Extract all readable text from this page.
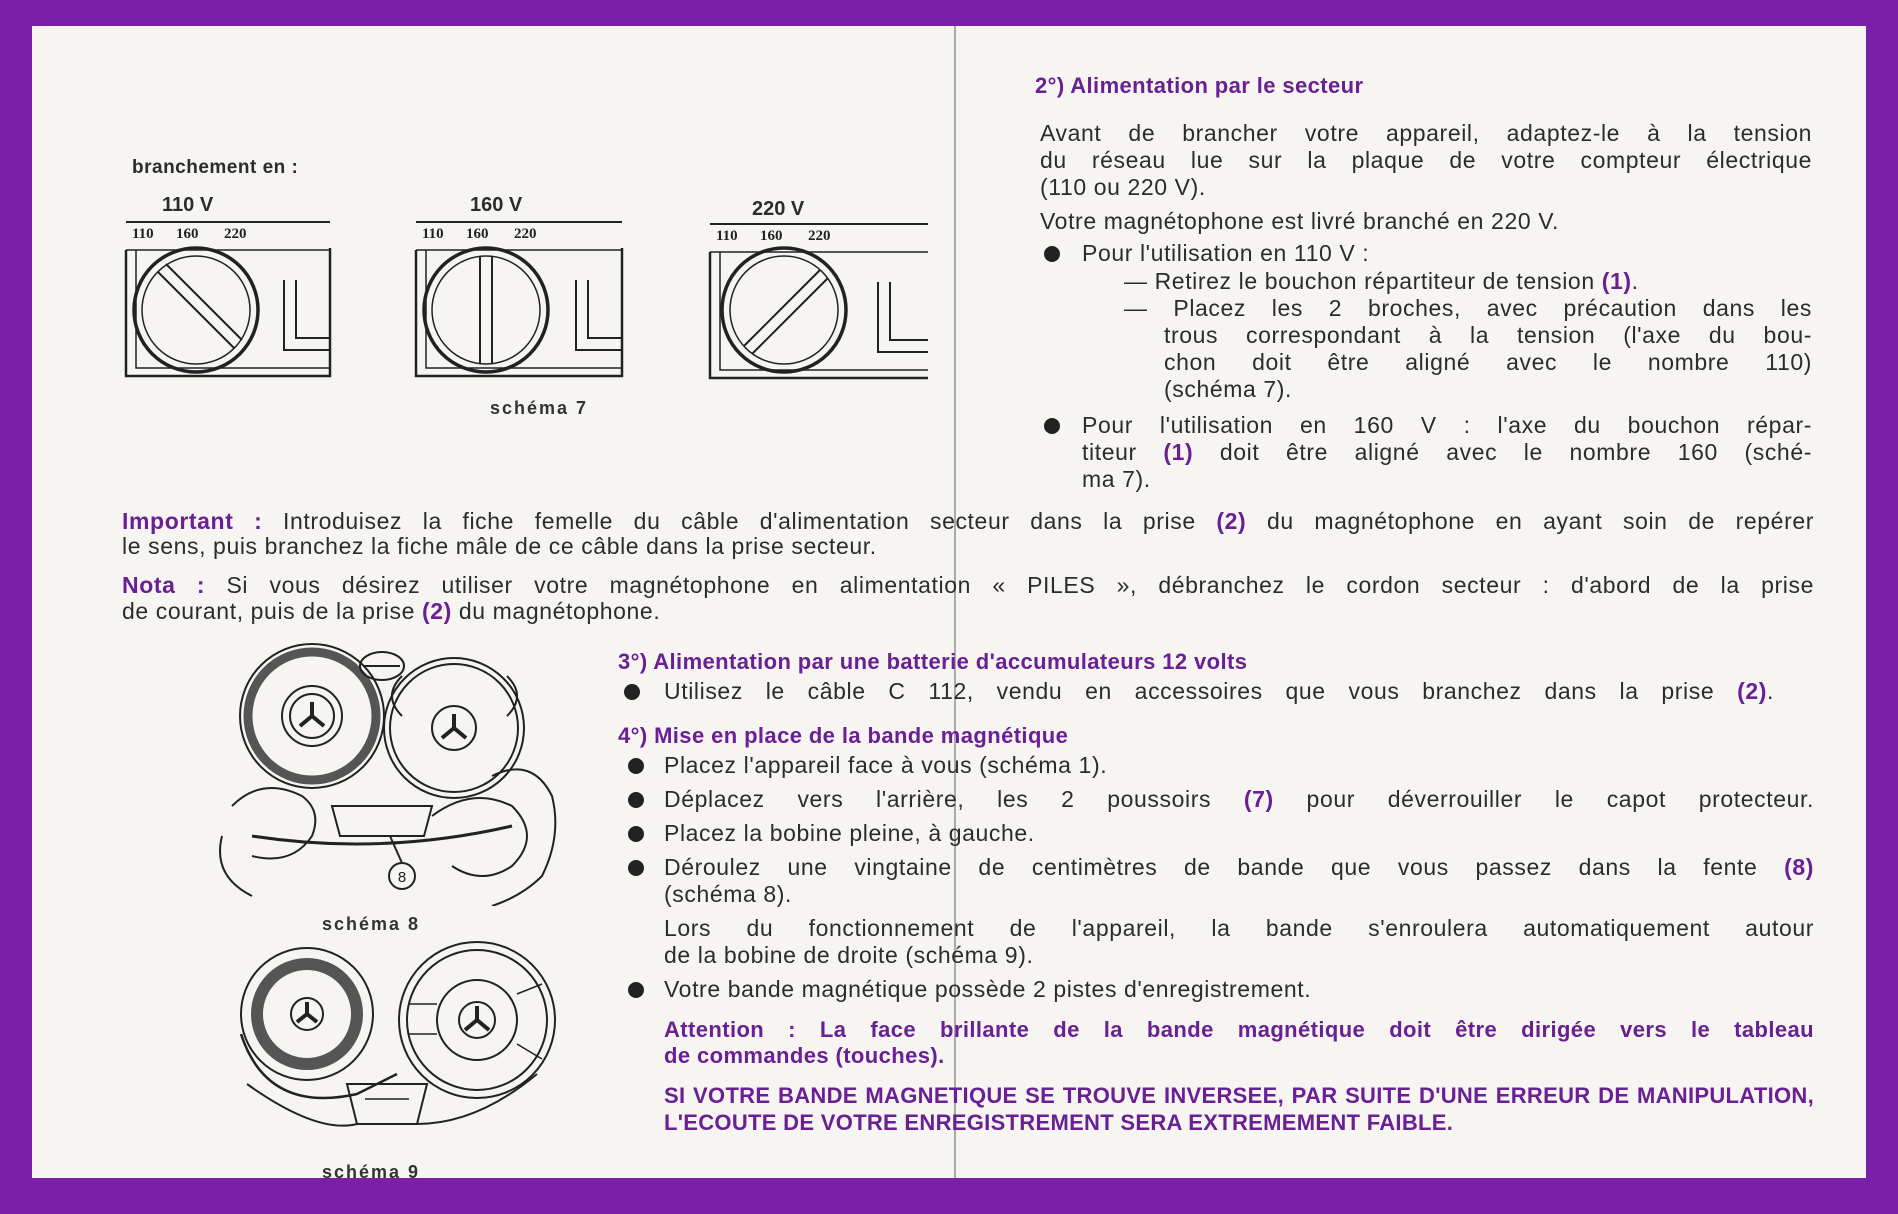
branchement en :

110 V
110 160 220
160 V
110 160 220
220 V
110 160 220
schéma 7

2°) Alimentation par le secteur

Avant de brancher votre appareil, adaptez-le à la tension

du réseau lue sur la plaque de votre compteur électrique

(110 ou 220 V).

Votre magnétophone est livré branché en 220 V.

Pour l'utilisation en 110 V :

— Retirez le bouchon répartiteur de tension (1).

— Placez les 2 broches, avec précaution dans les

trous correspondant à la tension (l'axe du bou-

chon doit être aligné avec le nombre 110)

(schéma 7).

Pour l'utilisation en 160 V : l'axe du bouchon répar-

titeur (1) doit être aligné avec le nombre 160 (sché-

ma 7).

Important : Introduisez la fiche femelle du câble d'alimentation secteur dans la prise (2) du magnétophone en ayant soin de repérer

le sens, puis branchez la fiche mâle de ce câble dans la prise secteur.

Nota : Si vous désirez utiliser votre magnétophone en alimentation « PILES », débranchez le cordon secteur : d'abord de la prise

de courant, puis de la prise (2) du magnétophone.

3°) Alimentation par une batterie d'accumulateurs 12 volts

Utilisez le câble C 112, vendu en accessoires que vous branchez dans la prise (2).

4°) Mise en place de la bande magnétique

Placez l'appareil face à vous (schéma 1).

Déplacez vers l'arrière, les 2 poussoirs (7) pour déverrouiller le capot protecteur.

Placez la bobine pleine, à gauche.

Déroulez une vingtaine de centimètres de bande que vous passez dans la fente (8)

(schéma 8).

Lors du fonctionnement de l'appareil, la bande s'enroulera automatiquement autour

de la bobine de droite (schéma 9).

Votre bande magnétique possède 2 pistes d'enregistrement.

Attention : La face brillante de la bande magnétique doit être dirigée vers le tableau

de commandes (touches).

SI VOTRE BANDE MAGNETIQUE SE TROUVE INVERSEE, PAR SUITE D'UNE ERREUR DE MANIPULATION, L'ECOUTE DE VOTRE ENREGISTREMENT SERA EXTREMEMENT FAIBLE.

8
schéma 8
schéma 9
